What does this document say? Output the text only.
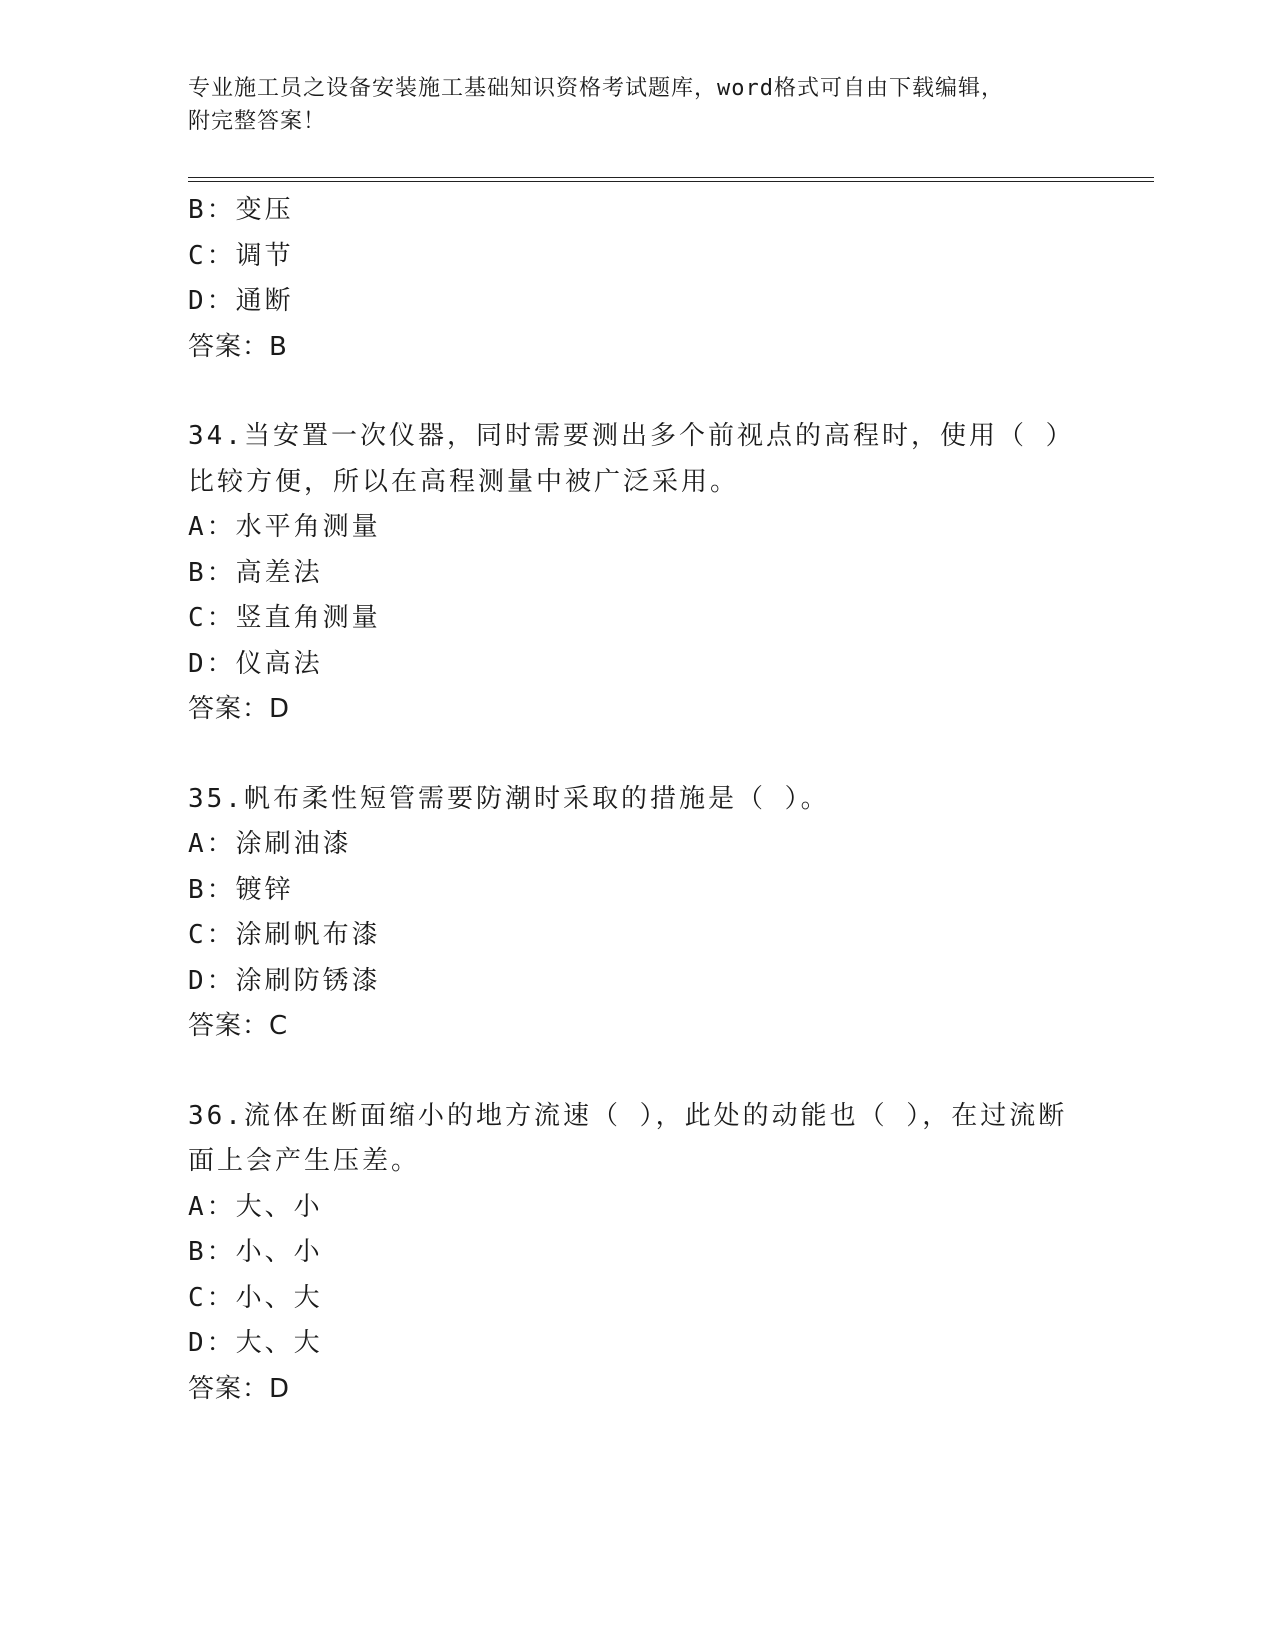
专业施工员之设备安装施工基础知识资格考试题库，word格式可自由下载编辑，
附完整答案！
B：变压
C：调节
D：通断
答案：B
34.当安置一次仪器，同时需要测出多个前视点的高程时，使用（ ）
比较方便，所以在高程测量中被广泛采用。
A：水平角测量
B：高差法
C：竖直角测量
D：仪高法
答案：D
35.帆布柔性短管需要防潮时采取的措施是（ ）。
A：涂刷油漆
B：镀锌
C：涂刷帆布漆
D：涂刷防锈漆
答案：C
36.流体在断面缩小的地方流速（ ），此处的动能也（ ），在过流断
面上会产生压差。
A：大、小
B：小、小
C：小、大
D：大、大
答案：D
